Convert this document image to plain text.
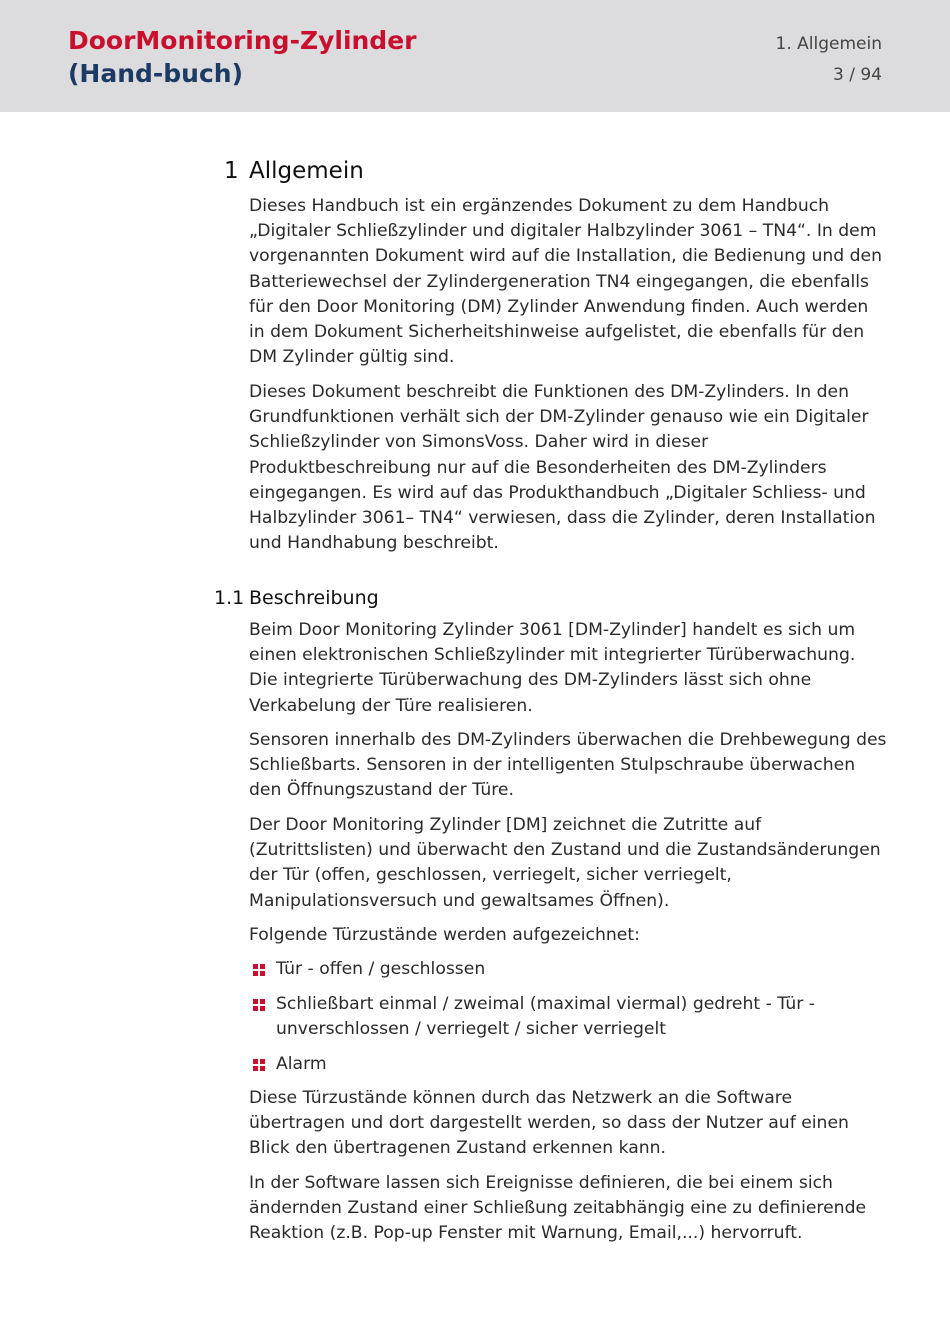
DoorMonitoring-Zylinder (Hand-buch)
1. Allgemein
3 / 94
1 Allgemein

Dieses Handbuch ist ein ergänzendes Dokument zu dem Handbuch „Digitaler Schließzylinder und digitaler Halbzylinder 3061 – TN4“. In dem vorgenannten Dokument wird auf die Installation, die Bedienung und den Batteriewechsel der Zylindergeneration TN4 eingegangen, die ebenfalls für den Door Monitoring (DM) Zylinder Anwendung finden. Auch werden in dem Dokument Sicherheitshinweise aufgelistet, die ebenfalls für den DM Zylinder gültig sind.

Dieses Dokument beschreibt die Funktionen des DM-Zylinders. In den Grundfunktionen verhält sich der DM-Zylinder genauso wie ein Digitaler Schließzylinder von SimonsVoss. Daher wird in dieser Produktbeschreibung nur auf die Besonderheiten des DM-Zylinders eingegangen. Es wird auf das Produkthandbuch „Digitaler Schliess- und Halbzylinder 3061– TN4“ verwiesen, dass die Zylinder, deren Installation und Handhabung beschreibt.

1.1 Beschreibung

Beim Door Monitoring Zylinder 3061 [DM-Zylinder] handelt es sich um einen elektronischen Schließzylinder mit integrierter Türüberwachung. Die integrierte Türüberwachung des DM-Zylinders lässt sich ohne Verkabelung der Türe realisieren.

Sensoren innerhalb des DM-Zylinders überwachen die Drehbewegung des Schließbarts. Sensoren in der intelligenten Stulpschraube überwachen den Öffnungszustand der Türe.

Der Door Monitoring Zylinder [DM] zeichnet die Zutritte auf (Zutrittslisten) und überwacht den Zustand und die Zustandsänderungen der Tür (offen, geschlossen, verriegelt, sicher verriegelt, Manipulationsversuch und gewaltsames Öffnen).

Folgende Türzustände werden aufgezeichnet:

Tür - offen / geschlossen
Schließbart einmal / zweimal (maximal viermal) gedreht - Tür - unverschlossen / verriegelt / sicher verriegelt
Alarm

Diese Türzustände können durch das Netzwerk an die Software übertragen und dort dargestellt werden, so dass der Nutzer auf einen Blick den übertragenen Zustand erkennen kann.

In der Software lassen sich Ereignisse definieren, die bei einem sich ändernden Zustand einer Schließung zeitabhängig eine zu definierende Reaktion (z.B. Pop-up Fenster mit Warnung, Email,...) hervorruft.
